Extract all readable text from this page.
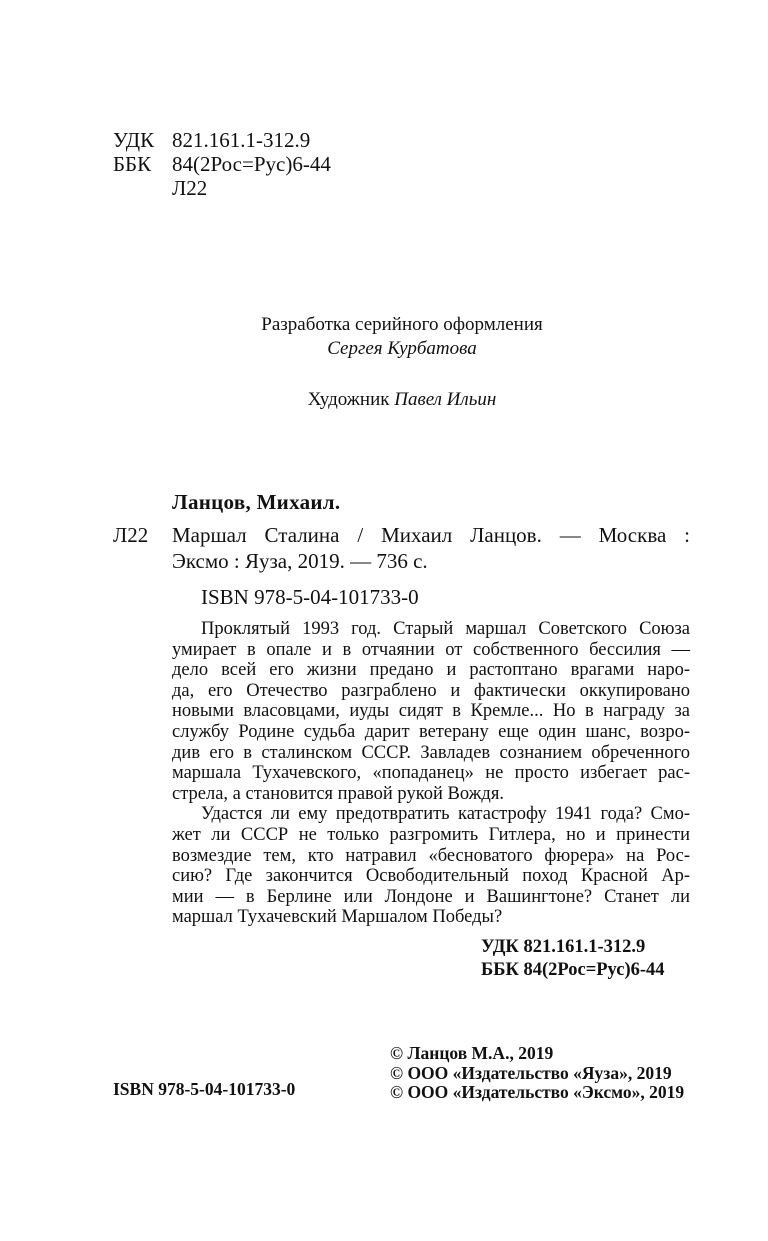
УДК 821.161.1-312.9
ББК 84(2Рос=Рус)6-44
Л22
Разработка серийного оформления
Сергея Курбатова
Художник Павел Ильин
Ланцов, Михаил.
Л22 Маршал Сталина / Михаил Ланцов. — Москва :
Эксмо : Яуза, 2019. — 736 с.
ISBN 978-5-04-101733-0
Проклятый 1993 год. Старый маршал Советского Союза
умирает в опале и в отчаянии от собственного бессилия —
дело всей его жизни предано и растоптано врагами наро-
да, его Отечество разграблено и фактически оккупировано
новыми власовцами, иуды сидят в Кремле... Но в награду за
службу Родине судьба дарит ветерану еще один шанс, возро-
див его в сталинском СССР. Завладев сознанием обреченного
маршала Тухачевского, «попаданец» не просто избегает рас-
стрела, а становится правой рукой Вождя.
Удастся ли ему предотвратить катастрофу 1941 года? Смо-
жет ли СССР не только разгромить Гитлера, но и принести
возмездие тем, кто натравил «бесноватого фюрера» на Рос-
сию? Где закончится Освободительный поход Красной Ар-
мии — в Берлине или Лондоне и Вашингтоне? Станет ли
маршал Тухачевский Маршалом Победы?
УДК 821.161.1-312.9
ББК 84(2Рос=Рус)6-44
© Ланцов М.А., 2019
© ООО «Издательство «Яуза», 2019
© ООО «Издательство «Эксмо», 2019
ISBN 978-5-04-101733-0
